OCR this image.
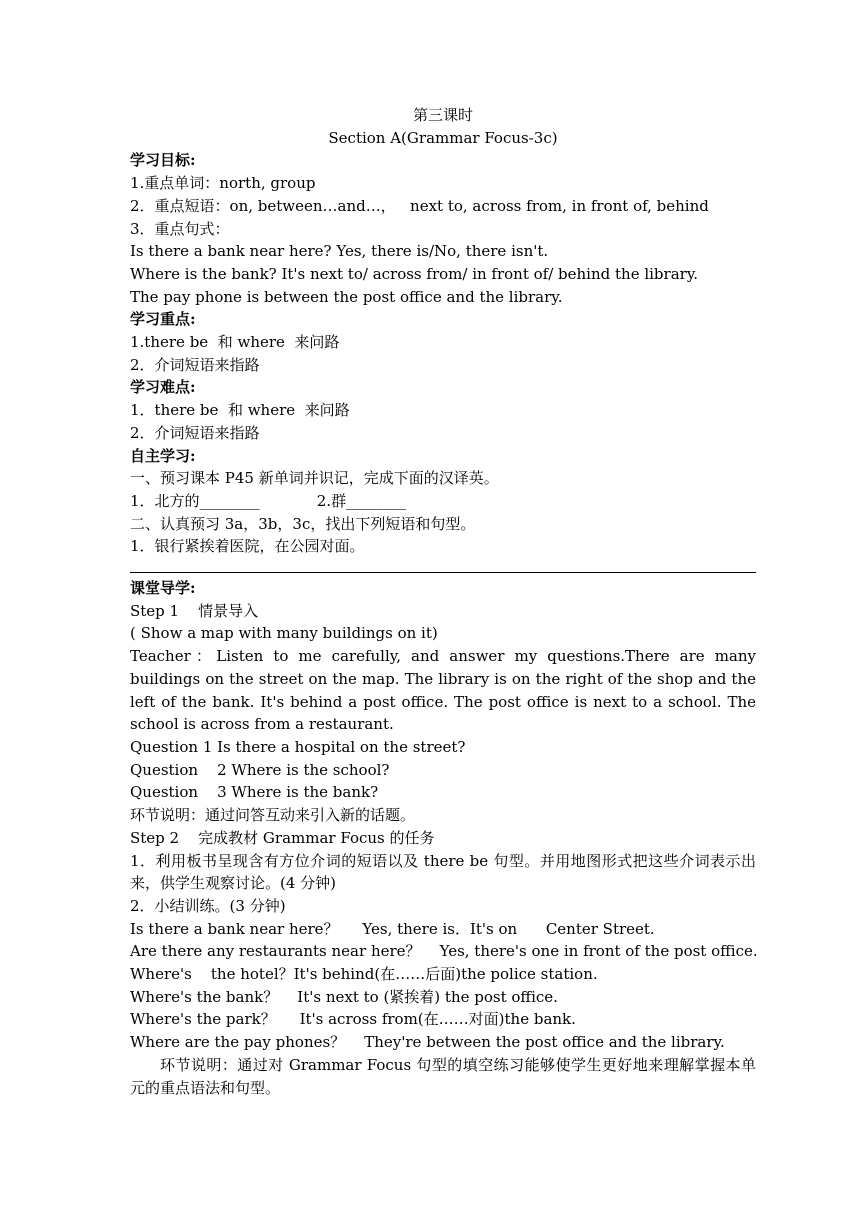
第三课时
Section A(Grammar Focus-3c)
学习目标:
1.重点单词：north, group
2．重点短语：on, between…and…，   next to, across from, in front of, behind
3．重点句式：
Is there a bank near here? Yes, there is/No, there isn't.
Where is the bank? It's next to/ across from/ in front of/ behind the library.
The pay phone is between the post office and the library.
学习重点:
1.there be  和 where  来问路
2．介词短语来指路
学习难点:
1．there be  和 where  来问路
2．介词短语来指路
自主学习:
一、预习课本 P45 新单词并识记，完成下面的汉译英。
1．北方的________            2.群________
二、认真预习 3a，3b，3c，找出下列短语和句型。
1．银行紧挨着医院，在公园对面。
课堂导学:
Step 1    情景导入
( Show a map with many buildings on it)
Teacher：Listen to me carefully, and answer my questions.There are many buildings on the street on the map. The library is on the right of the shop and the left of the bank. It's behind a post office. The post office is next to a school. The school is across from a restaurant.
Question 1 Is there a hospital on the street?
Question    2 Where is the school?
Question    3 Where is the bank?
环节说明：通过问答互动来引入新的话题。
Step 2    完成教材 Grammar Focus 的任务
1．利用板书呈现含有方位介词的短语以及 there be 句型。并用地图形式把这些介词表示出来，供学生观察讨论。(4 分钟)
2．小结训练。(3 分钟)
Is there a bank near here？     Yes, there is．It's on      Center Street.
Are there any restaurants near here？    Yes, there's one in front of the post office.
Where's    the hotel？It's behind(在……后面)the police station.
Where's the bank？    It's next to (紧挨着) the post office.
Where's the park？     It's across from(在……对面)the bank.
Where are the pay phones？    They're between the post office and the library.
环节说明：通过对 Grammar Focus 句型的填空练习能够使学生更好地来理解掌握本单元的重点语法和句型。
